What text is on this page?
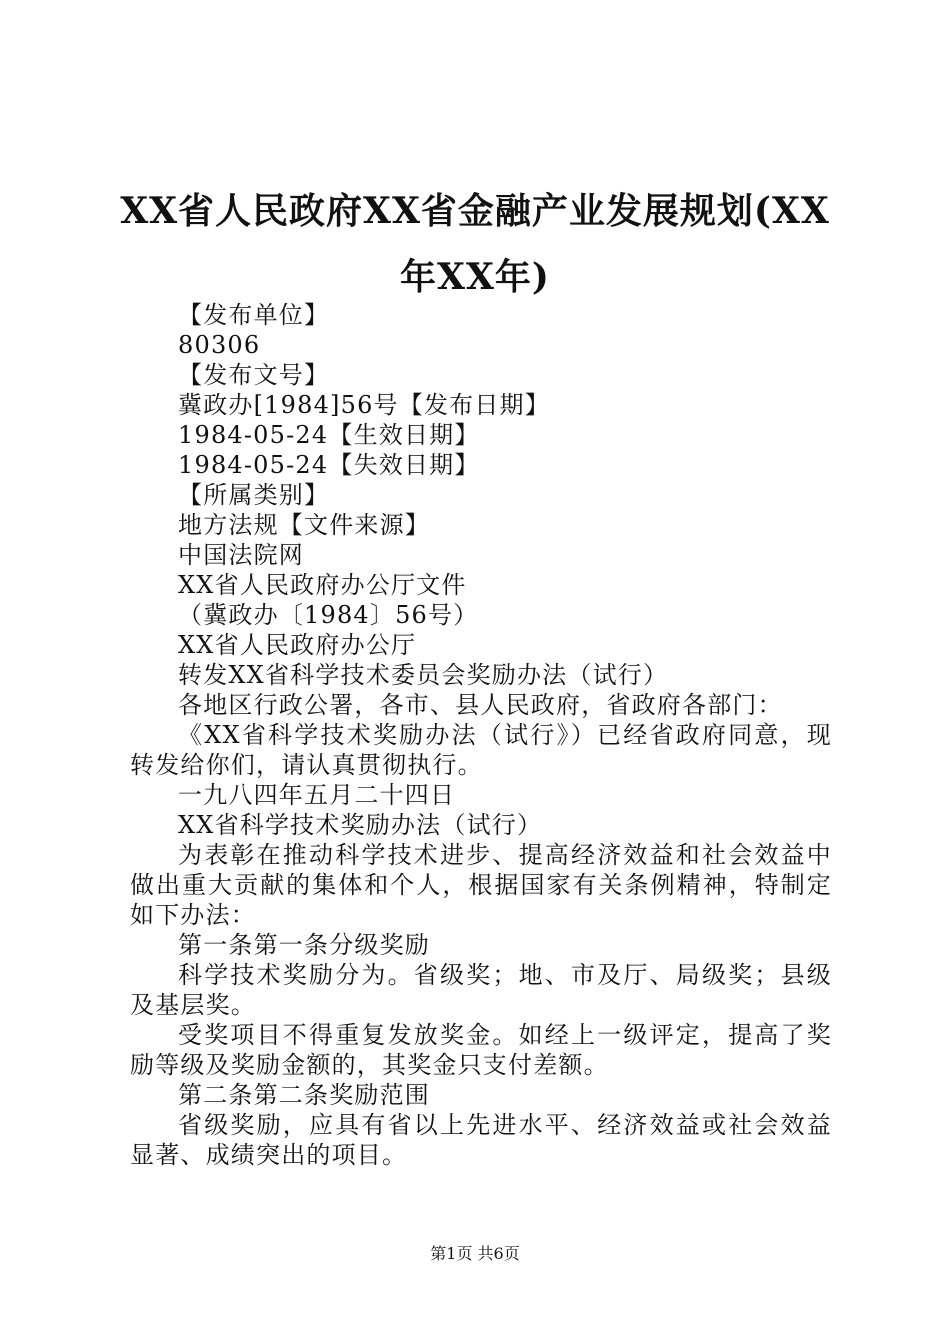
XX省人民政府XX省金融产业发展规划(XX年XX年)

【发布单位】

80306

【发布文号】

冀政办[1984]56号【发布日期】

1984-05-24【生效日期】

1984-05-24【失效日期】

【所属类别】

地方法规【文件来源】

中国法院网

XX省人民政府办公厅文件

（冀政办〔1984〕56号）

XX省人民政府办公厅

转发XX省科学技术委员会奖励办法（试行）

各地区行政公署，各市、县人民政府，省政府各部门：

《XX省科学技术奖励办法（试行》）已经省政府同意，现转发给你们，请认真贯彻执行。

一九八四年五月二十四日

XX省科学技术奖励办法（试行）

为表彰在推动科学技术进步、提高经济效益和社会效益中做出重大贡献的集体和个人，根据国家有关条例精神，特制定如下办法：

第一条第一条分级奖励

科学技术奖励分为。省级奖；地、市及厅、局级奖；县级及基层奖。

受奖项目不得重复发放奖金。如经上一级评定，提高了奖励等级及奖励金额的，其奖金只支付差额。

第二条第二条奖励范围

省级奖励，应具有省以上先进水平、经济效益或社会效益显著、成绩突出的项目。

第1页 共6页
